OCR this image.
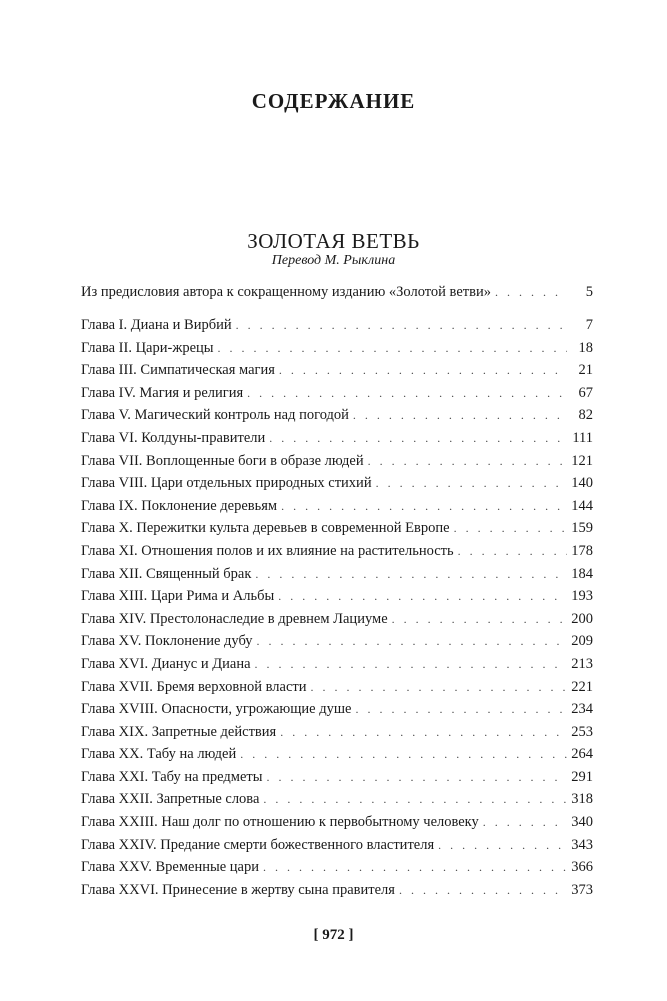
СОДЕРЖАНИЕ
ЗОЛОТАЯ ВЕТВЬ
Перевод М. Рыклина
Из предисловия автора к сокращенному изданию «Золотой ветви» . . .	5
Глава I. Диана и Вирбий . . .	7
Глава II. Цари-жрецы . . .	18
Глава III. Симпатическая магия . . .	21
Глава IV. Магия и религия . . .	67
Глава V. Магический контроль над погодой . . .	82
Глава VI. Колдуны-правители . . .	111
Глава VII. Воплощенные боги в образе людей . . .	121
Глава VIII. Цари отдельных природных стихий . . .	140
Глава IX. Поклонение деревьям . . .	144
Глава X. Пережитки культа деревьев в современной Европе . . .	159
Глава XI. Отношения полов и их влияние на растительность . . .	178
Глава XII. Священный брак . . .	184
Глава XIII. Цари Рима и Альбы . . .	193
Глава XIV. Престолонаследие в древнем Лациуме . . .	200
Глава XV. Поклонение дубу . . .	209
Глава XVI. Дианус и Диана . . .	213
Глава XVII. Бремя верховной власти . . .	221
Глава XVIII. Опасности, угрожающие душе . . .	234
Глава XIX. Запретные действия . . .	253
Глава XX. Табу на людей . . .	264
Глава XXI. Табу на предметы . . .	291
Глава XXII. Запретные слова . . .	318
Глава XXIII. Наш долг по отношению к первобытному человеку . . .	340
Глава XXIV. Предание смерти божественного властителя . . .	343
Глава XXV. Временные цари . . .	366
Глава XXVI. Принесение в жертву сына правителя . . .	373
[ 972 ]
